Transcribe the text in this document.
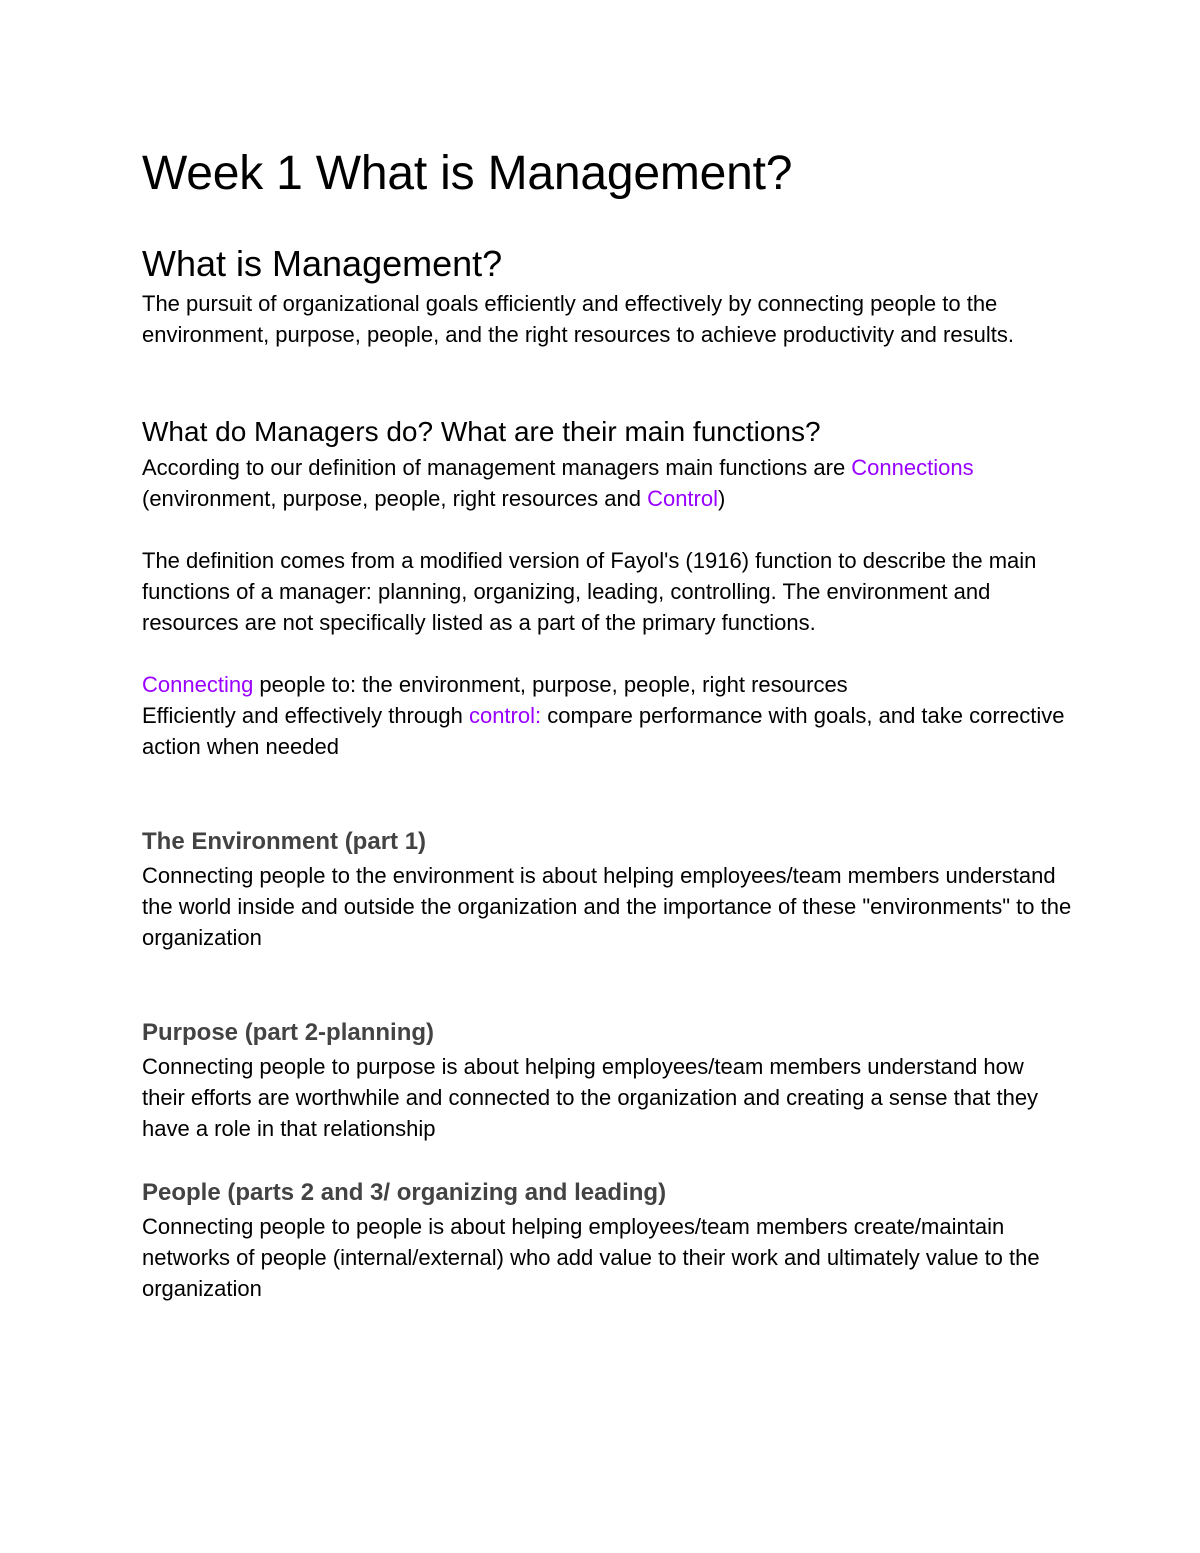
Week 1 What is Management?
What is Management?

The pursuit of organizational goals efficiently and effectively by connecting people to the environment, purpose, people, and the right resources to achieve productivity and results.

What do Managers do? What are their main functions?

According to our definition of management managers main functions are Connections
(environment, purpose, people, right resources and Control)

The definition comes from a modified version of Fayol's (1916) function to describe the main functions of a manager: planning, organizing, leading, controlling. The environment and resources are not specifically listed as a part of the primary functions.

Connecting people to: the environment, purpose, people, right resources
Efficiently and effectively through control: compare performance with goals, and take corrective action when needed

The Environment (part 1)

Connecting people to the environment is about helping employees/team members understand the world inside and outside the organization and the importance of these "environments" to the organization

Purpose (part 2-planning)

Connecting people to purpose is about helping employees/team members understand how their efforts are worthwhile and connected to the organization and creating a sense that they have a role in that relationship

People (parts 2 and 3/ organizing and leading)

Connecting people to people is about helping employees/team members create/maintain networks of people (internal/external) who add value to their work and ultimately value to the organization
